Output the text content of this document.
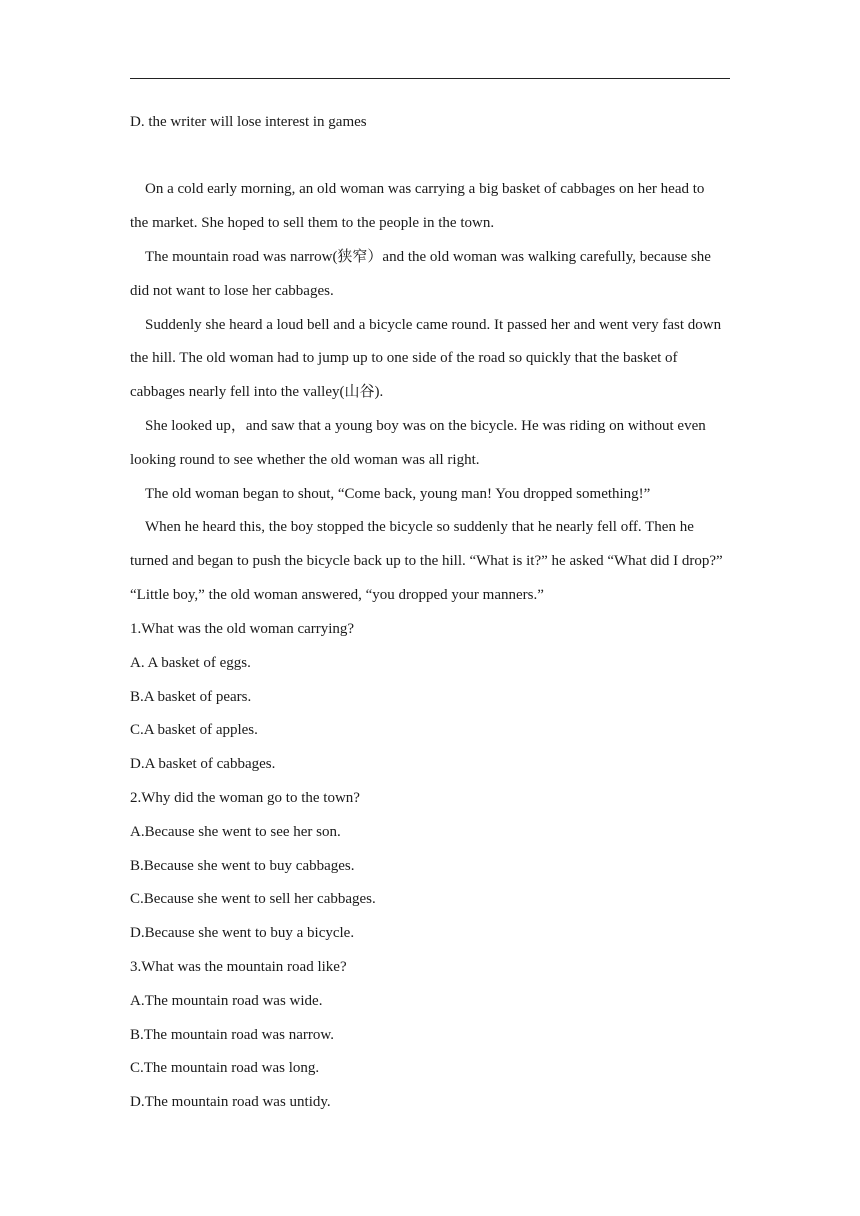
D. the writer will lose interest in games
On a cold early morning, an old woman was carrying a big basket of cabbages on her head to
the market. She hoped to sell them to the people in the town.
The mountain road was narrow(狭窄）and the old woman was walking carefully, because she
did not want to lose her cabbages.
Suddenly she heard a loud bell and a bicycle came round. It passed her and went very fast down
the hill. The old woman had to jump up to one side of the road so quickly that the basket of
cabbages nearly fell into the valley(山谷).
She looked up，and saw that a young boy was on the bicycle. He was riding on without even
looking round to see whether the old woman was all right.
The old woman began to shout, “Come back, young man! You dropped something!”
When he heard this, the boy stopped the bicycle so suddenly that he nearly fell off. Then he
turned and began to push the bicycle back up to the hill. “What is it?” he asked “What did I drop?”
“Little boy,” the old woman answered, “you dropped your manners.”
1.What was the old woman carrying?
A. A basket of eggs.
B.A basket of pears.
C.A basket of apples.
D.A basket of cabbages.
2.Why did the woman go to the town?
A.Because she went to see her son.
B.Because she went to buy cabbages.
C.Because she went to sell her cabbages.
D.Because she went to buy a bicycle.
3.What was the mountain road like?
A.The mountain road was wide.
B.The mountain road was narrow.
C.The mountain road was long.
D.The mountain road was untidy.
